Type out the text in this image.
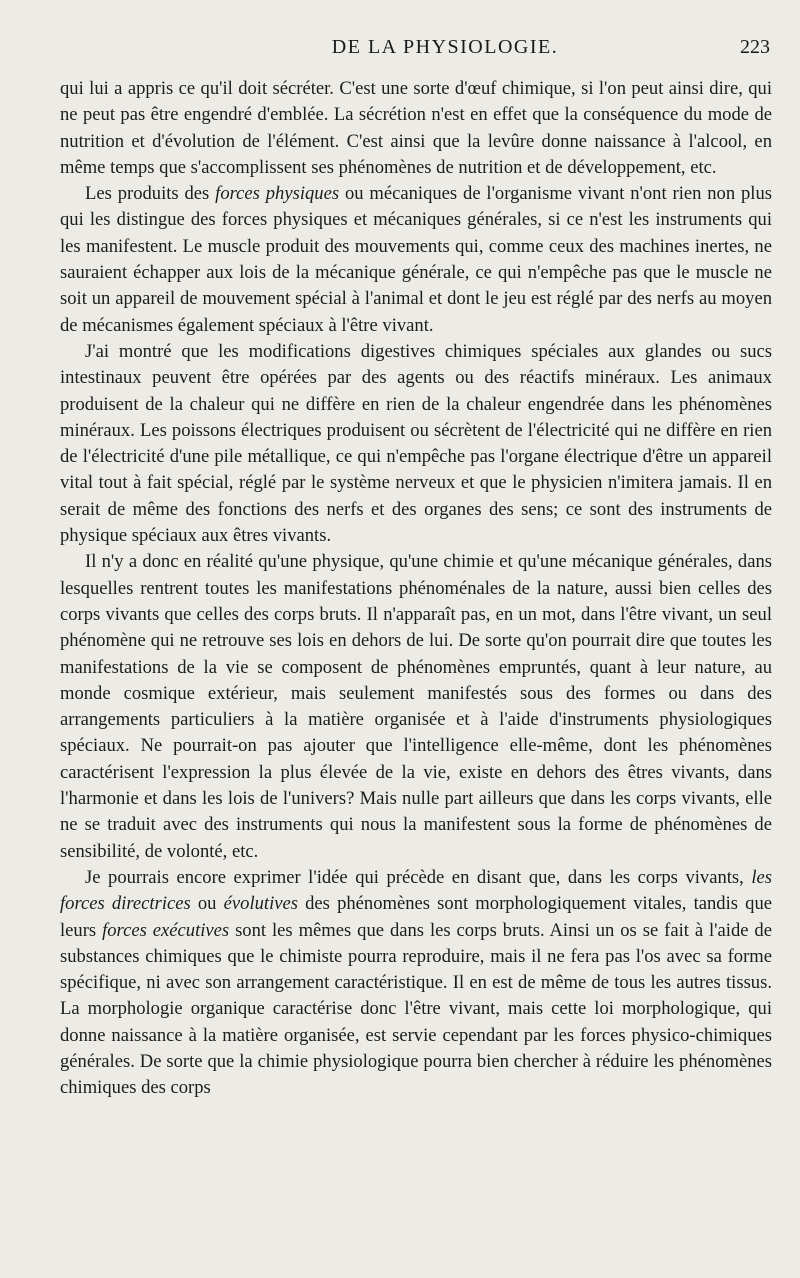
DE LA PHYSIOLOGIE.	223

qui lui a appris ce qu'il doit sécréter. C'est une sorte d'œuf chimique, si l'on peut ainsi dire, qui ne peut pas être engendré d'emblée. La sécrétion n'est en effet que la conséquence du mode de nutrition et d'évolution de l'élément. C'est ainsi que la levûre donne naissance à l'alcool, en même temps que s'accomplissent ses phénomènes de nutrition et de développement, etc.

Les produits des forces physiques ou mécaniques de l'organisme vivant n'ont rien non plus qui les distingue des forces physiques et mécaniques générales, si ce n'est les instruments qui les manifestent. Le muscle produit des mouvements qui, comme ceux des machines inertes, ne sauraient échapper aux lois de la mécanique générale, ce qui n'empêche pas que le muscle ne soit un appareil de mouvement spécial à l'animal et dont le jeu est réglé par des nerfs au moyen de mécanismes également spéciaux à l'être vivant.

J'ai montré que les modifications digestives chimiques spéciales aux glandes ou sucs intestinaux peuvent être opérées par des agents ou des réactifs minéraux. Les animaux produisent de la chaleur qui ne diffère en rien de la chaleur engendrée dans les phénomènes minéraux. Les poissons électriques produisent ou sécrètent de l'électricité qui ne diffère en rien de l'électricité d'une pile métallique, ce qui n'empêche pas l'organe électrique d'être un appareil vital tout à fait spécial, réglé par le système nerveux et que le physicien n'imitera jamais. Il en serait de même des fonctions des nerfs et des organes des sens; ce sont des instruments de physique spéciaux aux êtres vivants.

Il n'y a donc en réalité qu'une physique, qu'une chimie et qu'une mécanique générales, dans lesquelles rentrent toutes les manifestations phénoménales de la nature, aussi bien celles des corps vivants que celles des corps bruts. Il n'apparaît pas, en un mot, dans l'être vivant, un seul phénomène qui ne retrouve ses lois en dehors de lui. De sorte qu'on pourrait dire que toutes les manifestations de la vie se composent de phénomènes empruntés, quant à leur nature, au monde cosmique extérieur, mais seulement manifestés sous des formes ou dans des arrangements particuliers à la matière organisée et à l'aide d'instruments physiologiques spéciaux. Ne pourrait-on pas ajouter que l'intelligence elle-même, dont les phénomènes caractérisent l'expression la plus élevée de la vie, existe en dehors des êtres vivants, dans l'harmonie et dans les lois de l'univers? Mais nulle part ailleurs que dans les corps vivants, elle ne se traduit avec des instruments qui nous la manifestent sous la forme de phénomènes de sensibilité, de volonté, etc.

Je pourrais encore exprimer l'idée qui précède en disant que, dans les corps vivants, les forces directrices ou évolutives des phénomènes sont morphologiquement vitales, tandis que leurs forces exécutives sont les mêmes que dans les corps bruts. Ainsi un os se fait à l'aide de substances chimiques que le chimiste pourra reproduire, mais il ne fera pas l'os avec sa forme spécifique, ni avec son arrangement caractéristique. Il en est de même de tous les autres tissus. La morphologie organique caractérise donc l'être vivant, mais cette loi morphologique, qui donne naissance à la matière organisée, est servie cependant par les forces physico-chimiques générales. De sorte que la chimie physiologique pourra bien chercher à réduire les phénomènes chimiques des corps
